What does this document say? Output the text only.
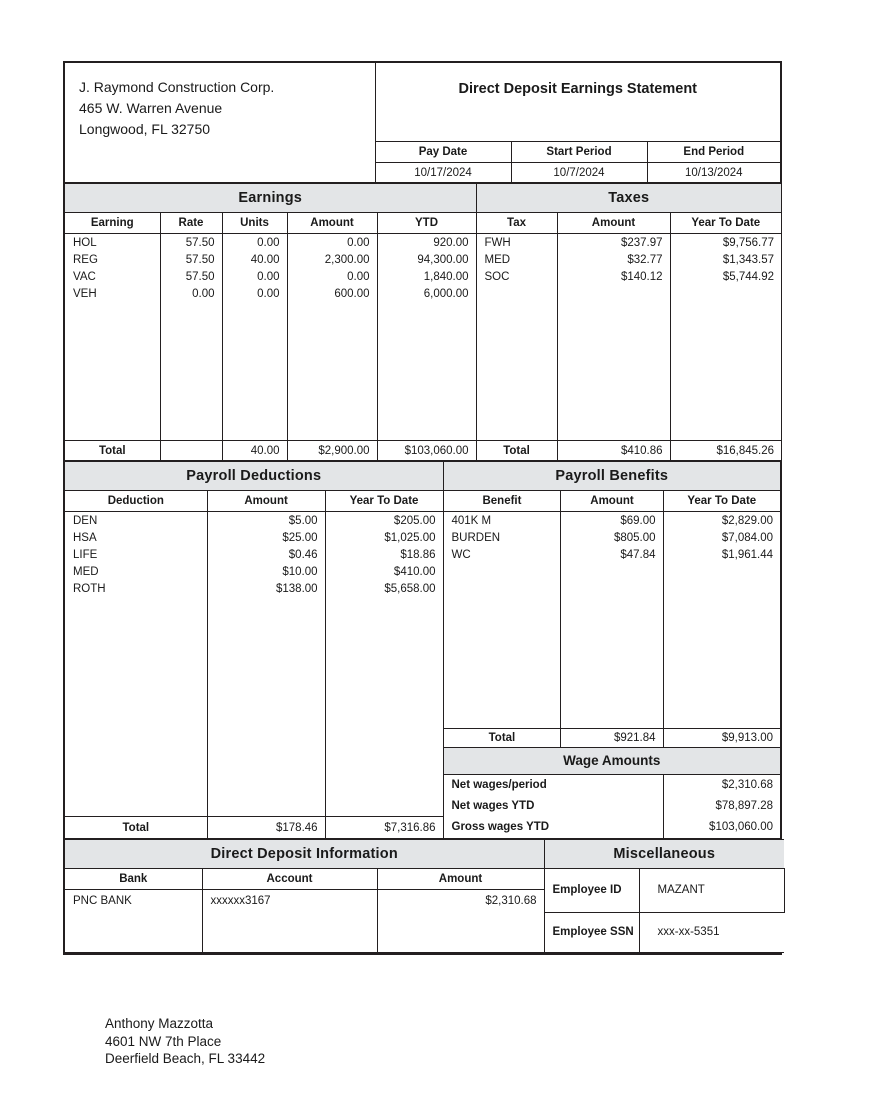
J. Raymond Construction Corp.
465 W. Warren Avenue
Longwood, FL 32750	Direct Deposit Earnings Statement		
	Pay Date	Start Period	End Period
	10/17/2024	10/7/2024	10/13/2024
Earnings					Taxes		
Earning	Rate	Units	Amount	YTD	Tax	Amount	Year To Date
HOL	57.50	0.00	0.00	920.00	FWH	$237.97	$9,756.77
REG	57.50	40.00	2,300.00	94,300.00	MED	$32.77	$1,343.57
VAC	57.50	0.00	0.00	1,840.00	SOC	$140.12	$5,744.92
VEH	0.00	0.00	600.00	6,000.00			

Total		40.00	$2,900.00	$103,060.00	Total	$410.86	$16,845.26
Payroll Deductions			Payroll Benefits		
Deduction	Amount	Year To Date	Benefit	Amount	Year To Date
DEN	$5.00	$205.00	401K M	$69.00	$2,829.00
HSA	$25.00	$1,025.00	BURDEN	$805.00	$7,084.00
LIFE	$0.46	$18.86	WC	$47.84	$1,961.44
MED	$10.00	$410.00			
ROTH	$138.00	$5,658.00			

			Total	$921.84	$9,913.00
			Wage Amounts		
			Net wages/period		$2,310.68
			Net wages YTD		$78,897.28
Total	$178.46	$7,316.86	Gross wages YTD		$103,060.00
Direct Deposit Information			Miscellaneous	
Bank	Account	Amount	Employee ID	MAZANT
PNC BANK	xxxxxx3167	$2,310.68		
			Employee SSN	xxx-xx-5351
Anthony Mazzotta
4601 NW 7th Place
Deerfield Beach, FL 33442
